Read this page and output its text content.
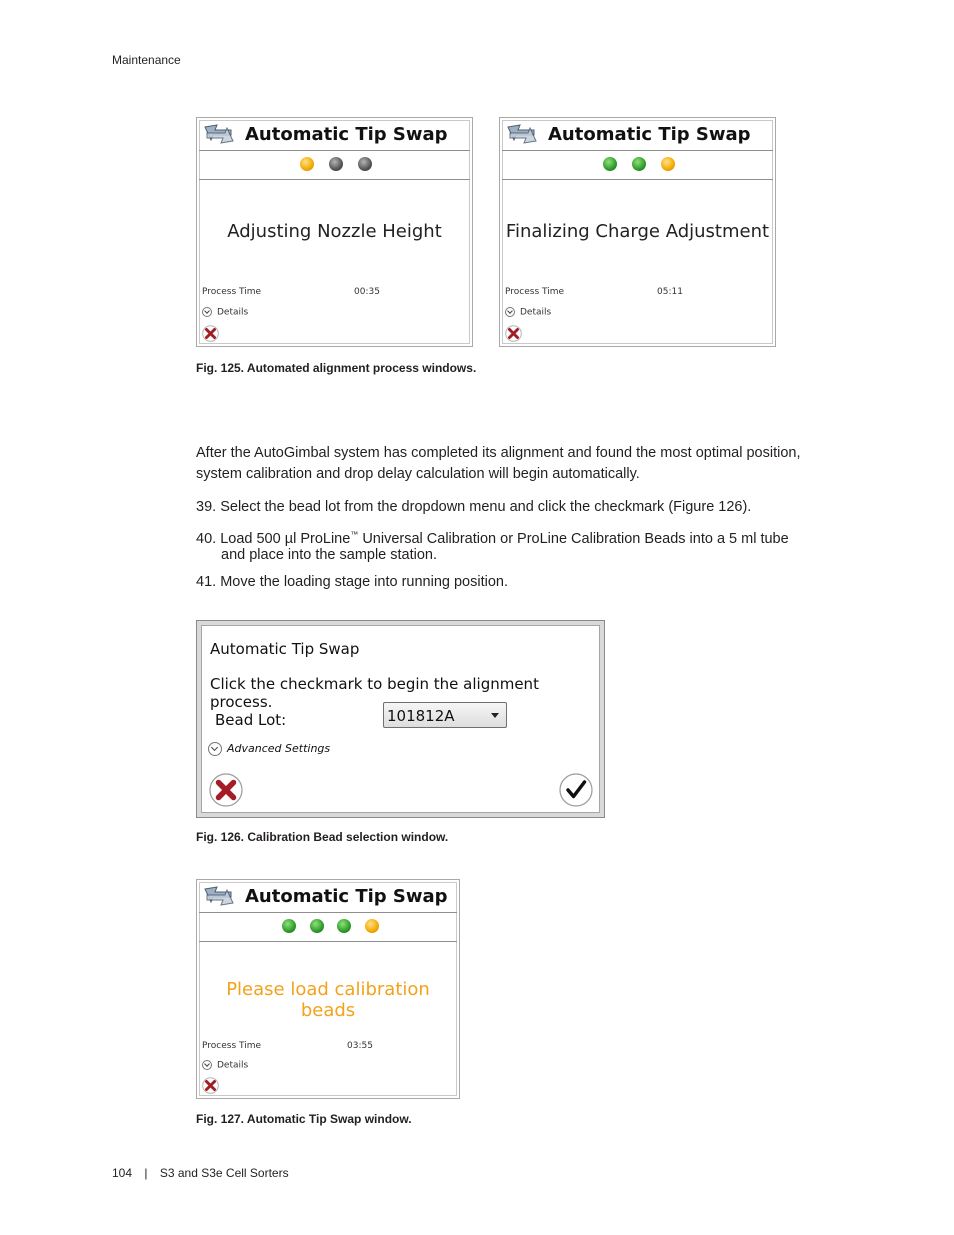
Maintenance
Automatic Tip Swap
Adjusting Nozzle Height
Process Time	00:35
Details
Automatic Tip Swap
Finalizing Charge Adjustment
Process Time	05:11
Details
Fig. 125. Automated alignment process windows.
After the AutoGimbal system has completed its alignment and found the most optimal position, system calibration and drop delay calculation will begin automatically.
39. Select the bead lot from the dropdown menu and click the checkmark (Figure 126).
40. Load 500 µl ProLine™ Universal Calibration or ProLine Calibration Beads into a 5 ml tube
and place into the sample station.
41. Move the loading stage into running position.
Automatic Tip Swap
Click the checkmark to begin the alignment process.
Bead Lot:	101812A
Advanced Settings
Fig. 126. Calibration Bead selection window.
Automatic Tip Swap
Please load calibration beads
Process Time	03:55
Details
Fig. 127. Automatic Tip Swap window.
104 | S3 and S3e Cell Sorters
